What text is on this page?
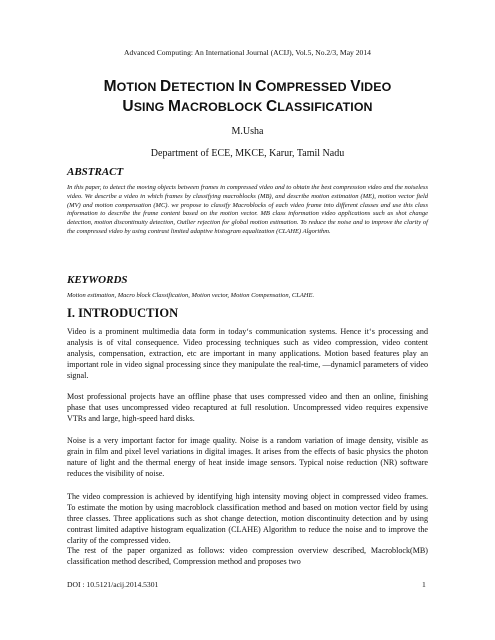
Advanced Computing: An International Journal (ACIJ), Vol.5, No.2/3, May 2014
MOTION DETECTION IN COMPRESSED VIDEO
USING MACROBLOCK CLASSIFICATION
M.Usha
Department of ECE, MKCE, Karur, Tamil Nadu
ABSTRACT
In this paper, to detect the moving objects between frames in compressed video and to obtain the best compression video and the noiseless video. We describe a video in which frames by classifying macroblocks (MB), and describe motion estimation (ME), motion vector field (MV) and motion compensation (MC). we propose to classify Macroblocks of each video frame into different classes and use this class information to describe the frame content based on the motion vector. MB class information video applications such as shot change detection, motion discontinuity detection, Outlier rejection for global motion estimation. To reduce the noise and to improve the clarity of the compressed video by using contrast limited adaptive histogram equalization (CLAHE) Algorithm.
KEYWORDS
Motion estimation, Macro block Classification, Motion vector, Motion Compensation, CLAHE.
I. INTRODUCTION
Video is a prominent multimedia data form in today‘s communication systems. Hence it‘s processing and analysis is of vital consequence. Video processing techniques such as video compression, video content analysis, compensation, extraction, etc are important in many applications. Motion based features play an important role in video signal processing since they manipulate the real-time, ―dynamic‖ parameters of video signal.
Most professional projects have an offline phase that uses compressed video and then an online, finishing phase that uses uncompressed video recaptured at full resolution. Uncompressed video requires expensive VTRs and large, high-speed hard disks.
Noise is a very important factor for image quality. Noise is a random variation of image density, visible as grain in film and pixel level variations in digital images. It arises from the effects of basic physics the photon nature of light and the thermal energy of heat inside image sensors. Typical noise reduction (NR) software reduces the visibility of noise.
The video compression is achieved by identifying high intensity moving object in compressed video frames. To estimate the motion by using macroblock classification method and based on motion vector field by using three classes. Three applications such as shot change detection, motion discontinuity detection and by using contrast limited adaptive histogram equalization (CLAHE) Algorithm to reduce the noise and to improve the clarity of the compressed video.
The rest of the paper organized as follows: video compression overview described, Macroblock(MB) classification method described, Compression method and proposes two
DOI : 10.5121/acij.2014.5301	1
